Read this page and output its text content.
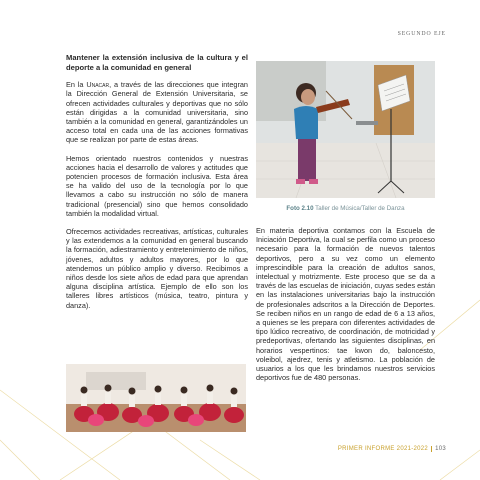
SEGUNDO EJE

Mantener la extensión inclusiva de la cultura y el deporte a la comunidad en general

En la Unacar, a través de las direcciones que integran la Dirección General de Extensión Universitaria, se ofrecen actividades culturales y deportivas que no sólo están dirigidas a la comunidad universitaria, sino también a la comunidad en general, garantizándoles un acceso total en cada una de las acciones formativas que se realizan por parte de estas áreas.

Hemos orientado nuestros contenidos y nuestras acciones hacia el desarrollo de valores y actitudes que potencien procesos de formación inclusiva. Esta área se ha valido del uso de la tecnología por lo que llevamos a cabo su instrucción no sólo de manera tradicional (presencial) sino que hemos consolidado también la modalidad virtual.

Ofrecemos actividades recreativas, artísticas, culturales y las extendemos a la comunidad en general buscando la formación, adiestramiento y entretenimiento de niños, jóvenes, adultos y adultos mayores, por lo que atendemos un público amplio y diverso. Recibimos a niños desde los siete años de edad para que aprendan alguna disciplina artística. Ejemplo de ello son los talleres libres artísticos (música, teatro, pintura y danza).

Foto 2.10 Taller de Música/Taller de Danza

En materia deportiva contamos con la Escuela de Iniciación Deportiva, la cual se perfila como un proceso necesario para la formación de nuevos talentos deportivos, pero a su vez como un elemento imprescindible para la creación de adultos sanos, intelectual y motrizmente. Este proceso que se da a través de las escuelas de iniciación, cuyas sedes están en las instalaciones universitarias bajo la instrucción de profesionales adscritos a la Dirección de Deportes. Se reciben niños en un rango de edad de 6 a 13 años, a quienes se les prepara con diferentes actividades de tipo lúdico recreativo, de coordinación, de motricidad y predeportivas, ofertando las siguientes disciplinas, en horarios vespertinos: tae kwon do, baloncesto, voleibol, ajedrez, tenis y atletismo. La población de usuarios a los que les brindamos nuestros servicios deportivos fue de 480 personas.

PRIMER INFORME 2021-2022 103
